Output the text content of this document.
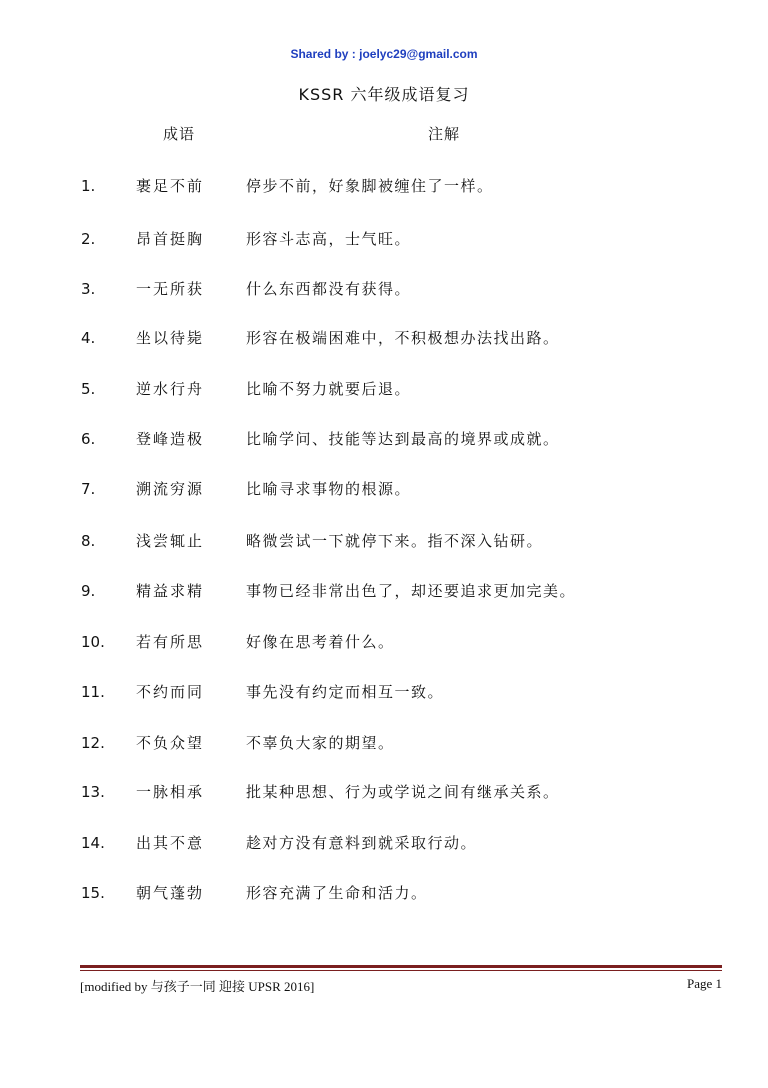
Shared by : joelyc29@gmail.com
KSSR 六年级成语复习
成语	注解
1.	裹足不前	停步不前，好象脚被缠住了一样。
2.	昂首挺胸	形容斗志高，士气旺。
3.	一无所获	什么东西都没有获得。
4.	坐以待毙	形容在极端困难中，不积极想办法找出路。
5.	逆水行舟	比喻不努力就要后退。
6.	登峰造极	比喻学问、技能等达到最高的境界或成就。
7.	溯流穷源	比喻寻求事物的根源。
8.	浅尝辄止	略微尝试一下就停下来。指不深入钻研。
9.	精益求精	事物已经非常出色了，却还要追求更加完美。
10. 若有所思	好像在思考着什么。
11. 不约而同	事先没有约定而相互一致。
12. 不负众望	不辜负大家的期望。
13. 一脉相承	批某种思想、行为或学说之间有继承关系。
14. 出其不意	趁对方没有意料到就采取行动。
15. 朝气蓬勃	形容充满了生命和活力。
[modified by 与孩子一同 迎接 UPSR 2016]	Page 1
